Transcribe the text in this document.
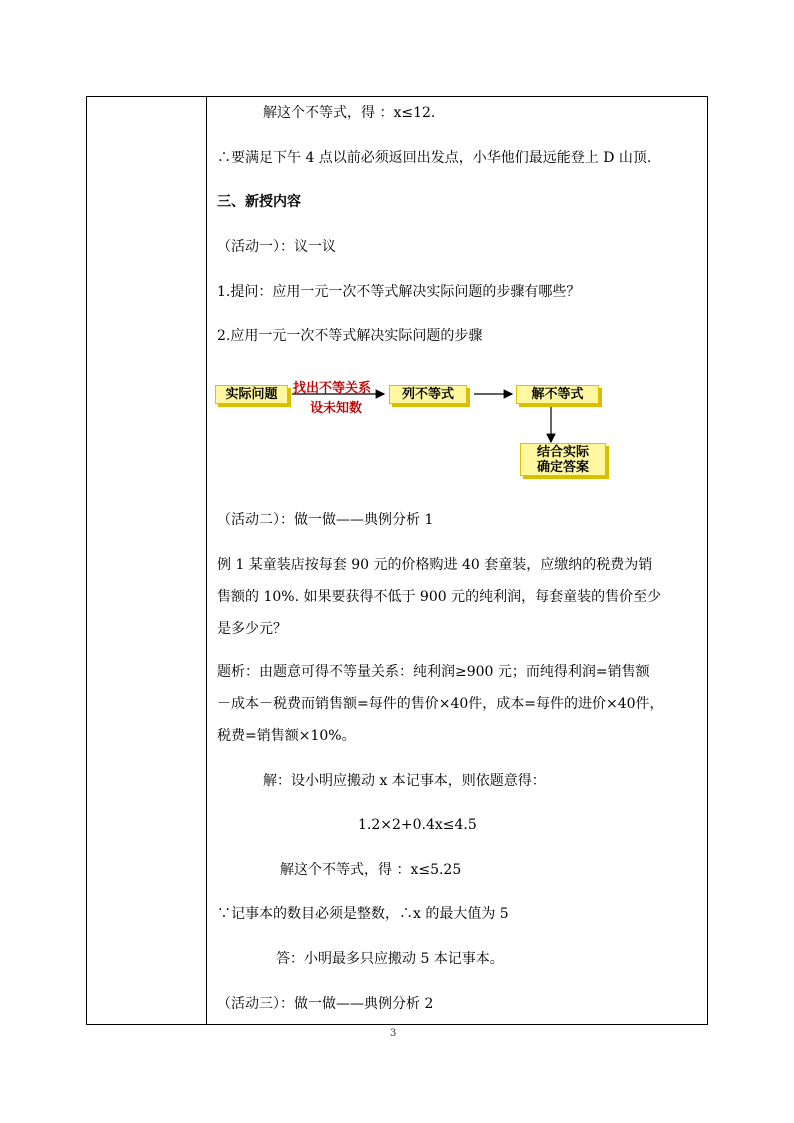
解这个不等式，得 ：x≤12.
∴要满足下午 4 点以前必须返回出发点，小华他们最远能登上 D 山顶.
三、新授内容
（活动一）：议一议
1.提问：应用一元一次不等式解决实际问题的步骤有哪些？
2.应用一元一次不等式解决实际问题的步骤
实际问题	找出不等关系
设未知数
列不等式	解不等式
结合实际
确定答案
（活动二）：做一做——典例分析 1
例 1 某童装店按每套 90 元的价格购进 40 套童装，应缴纳的税费为销
售额的 10%. 如果要获得不低于 900 元的纯利润，每套童装的售价至少
是多少元？
题析：由题意可得不等量关系：纯利润≥900 元；而纯得利润=销售额
－成本－税费而销售额=每件的售价×40件，成本=每件的进价×40件，
税费=销售额×10%。
解：设小明应搬动 x 本记事本，则依题意得：
1.2×2+0.4x≤4.5
解这个不等式，得 ：x≤5.25
∵记事本的数目必须是整数，∴x 的最大值为 5
答：小明最多只应搬动 5 本记事本。
（活动三）：做一做——典例分析 2
3
